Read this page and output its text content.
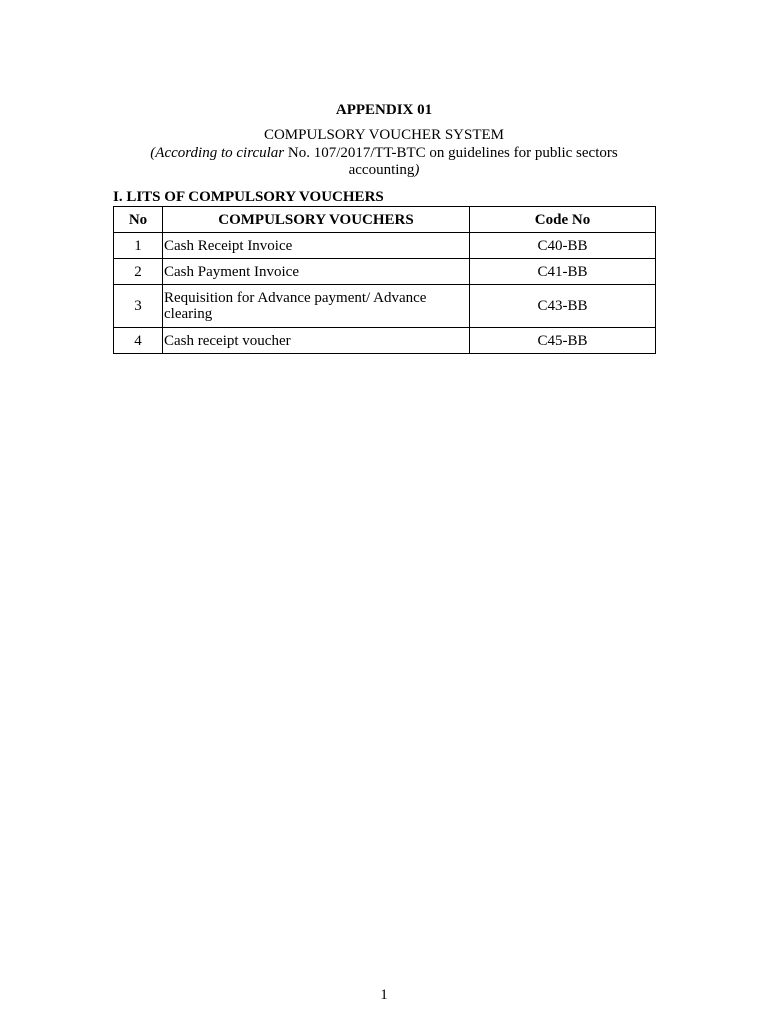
APPENDIX 01
COMPULSORY VOUCHER SYSTEM
(According to circular No. 107/2017/TT-BTC on guidelines for public sectors accounting)
I. LITS OF COMPULSORY VOUCHERS
No	COMPULSORY VOUCHERS	Code No
1	Cash Receipt Invoice	C40-BB
2	Cash Payment Invoice	C41-BB
3	Requisition for Advance payment/ Advance clearing	C43-BB
4	Cash receipt voucher	C45-BB
1
